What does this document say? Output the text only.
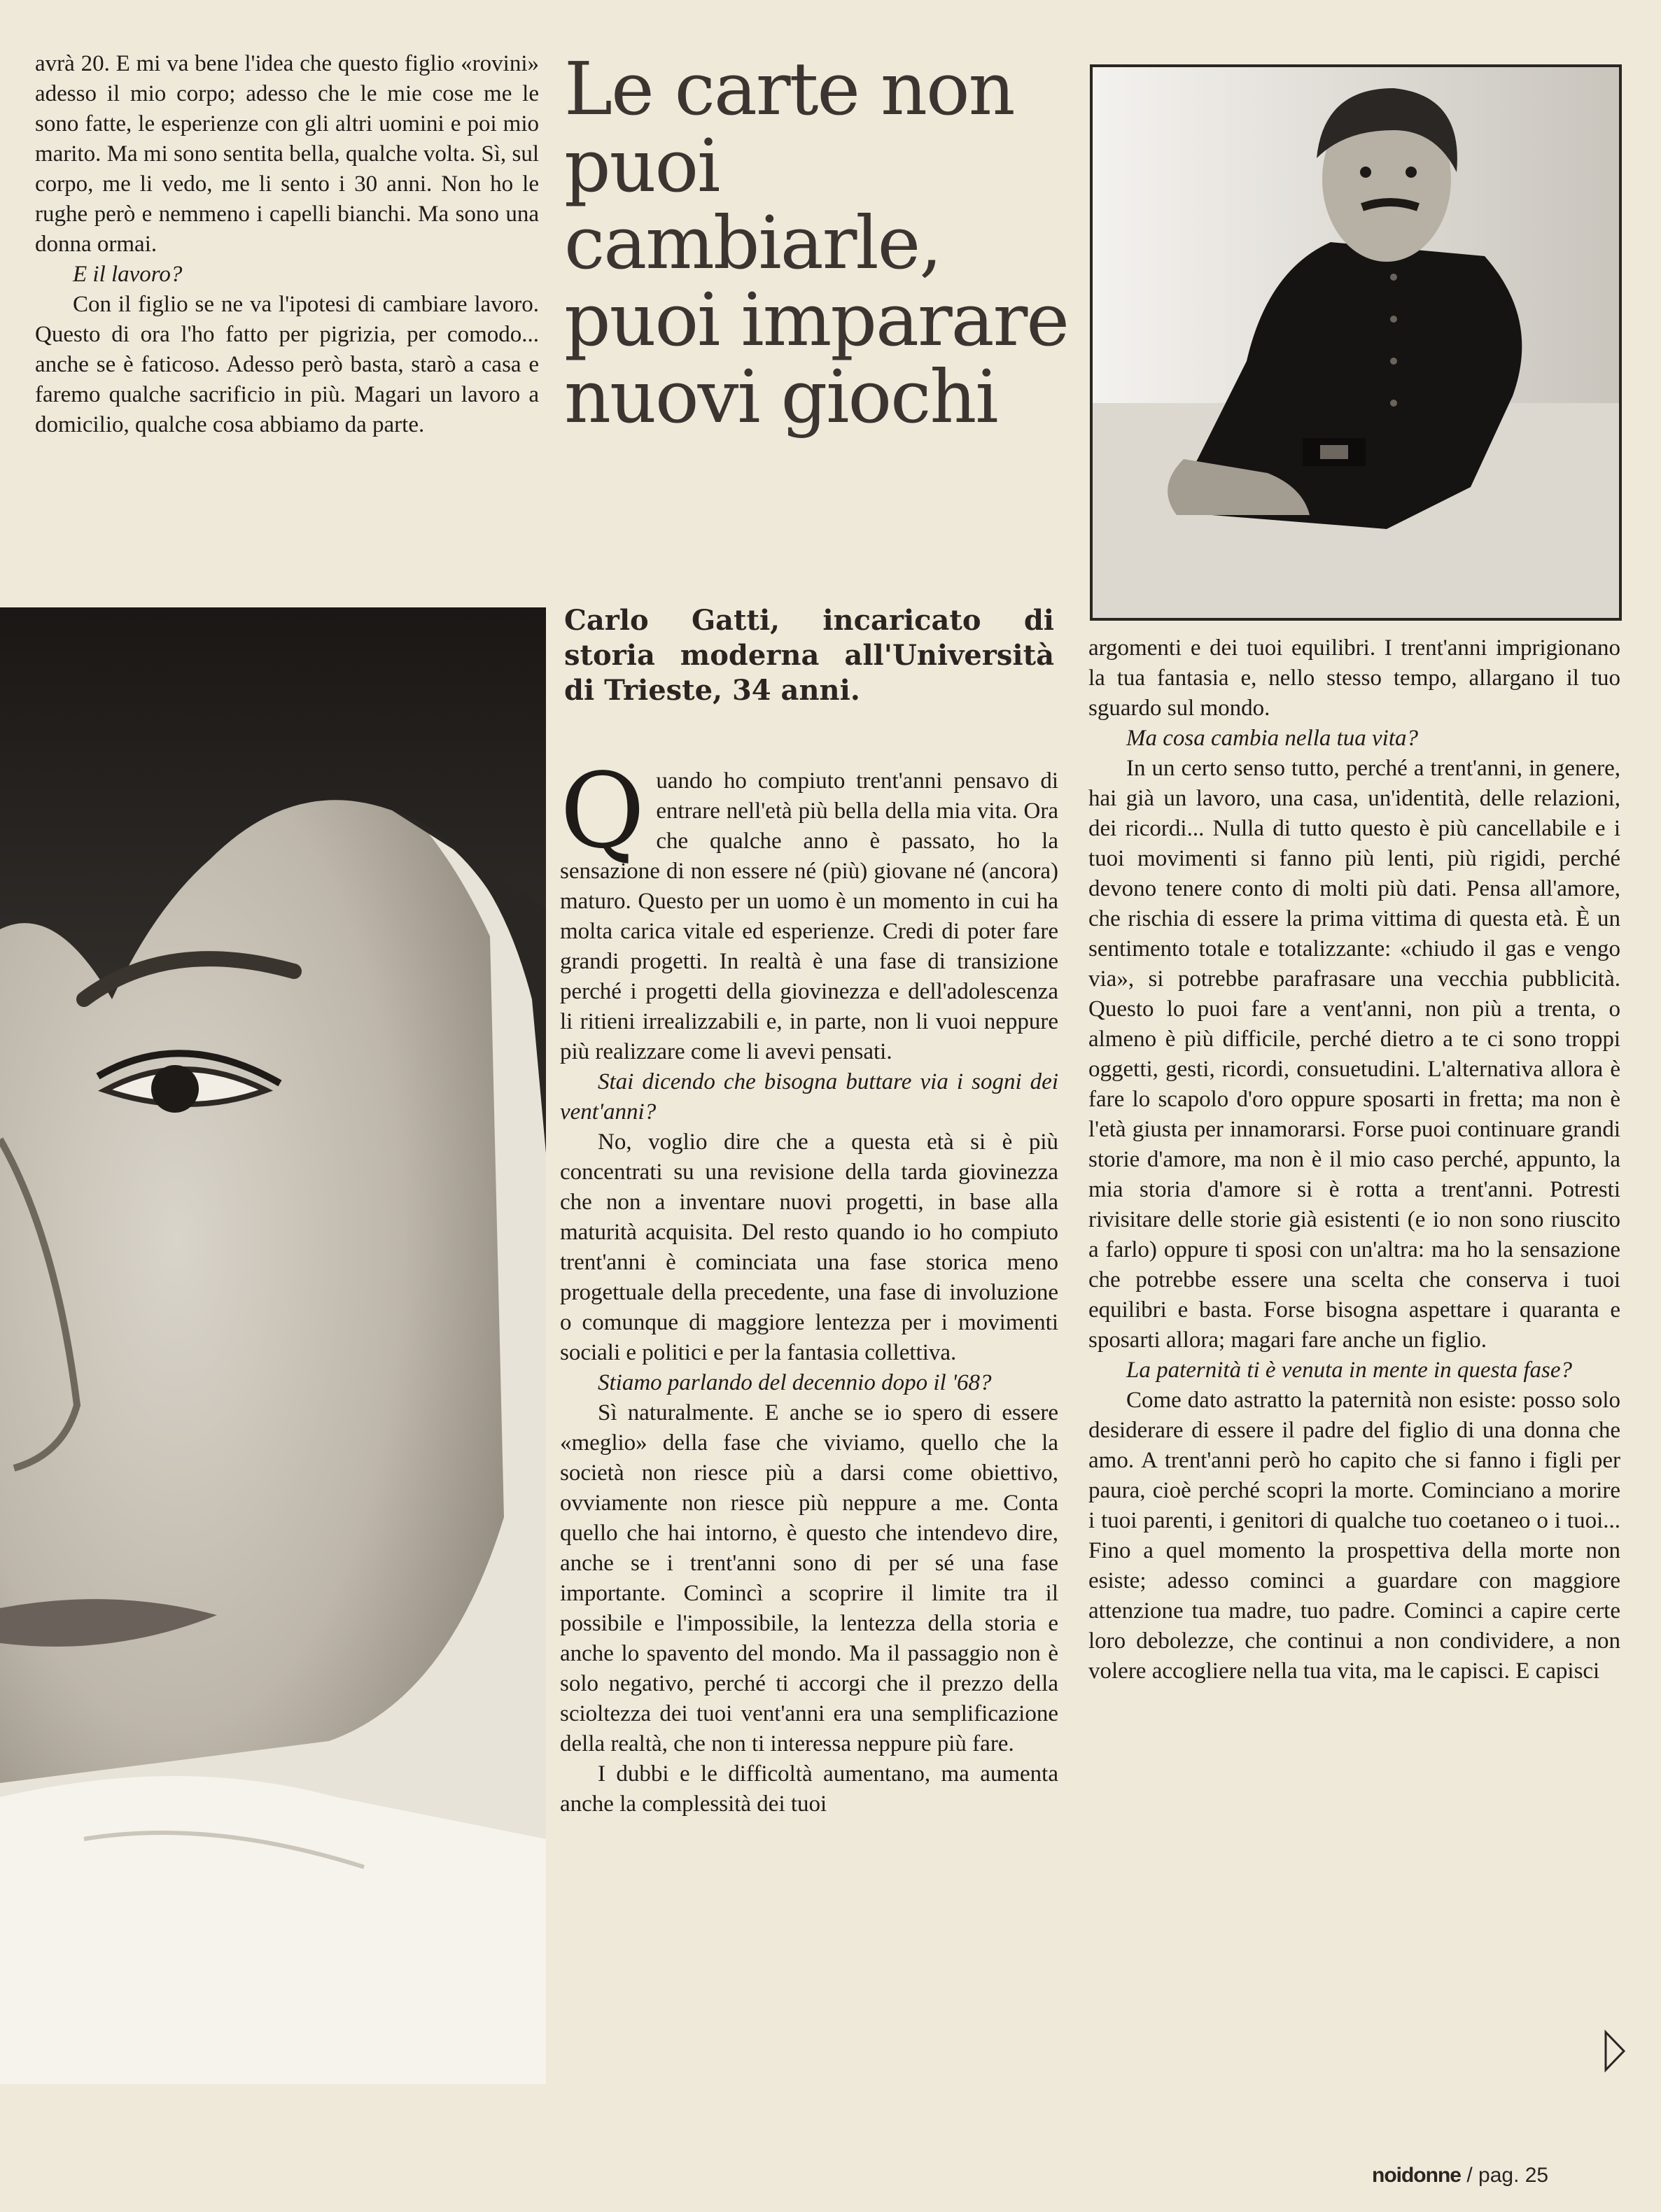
avrà 20. E mi va bene l'idea che questo figlio «rovini» adesso il mio corpo; adesso che le mie cose me le sono fatte, le esperienze con gli altri uomini e poi mio marito. Ma mi sono sentita bella, qualche volta. Sì, sul corpo, me li vedo, me li sento i 30 anni. Non ho le rughe però e nemmeno i capelli bianchi. Ma sono una donna ormai.

E il lavoro?

Con il figlio se ne va l'ipotesi di cambiare lavoro. Questo di ora l'ho fatto per pigrizia, per comodo... anche se è faticoso. Adesso però basta, starò a casa e faremo qualche sacrificio in più. Magari un lavoro a domicilio, qualche cosa abbiamo da parte.

Le carte non puoi cambiarle, puoi imparare nuovi giochi

Carlo Gatti, incaricato di storia moderna all'Università di Trieste, 34 anni.

Quando ho compiuto trent'anni pensavo di entrare nell'età più bella della mia vita. Ora che qualche anno è passato, ho la sensazione di non essere né (più) giovane né (ancora) maturo. Questo per un uomo è un momento in cui ha molta carica vitale ed esperienze. Credi di poter fare grandi progetti. In realtà è una fase di transizione perché i progetti della giovinezza e dell'adolescenza li ritieni irrealizzabili e, in parte, non li vuoi neppure più realizzare come li avevi pensati.

Stai dicendo che bisogna buttare via i sogni dei vent'anni?

No, voglio dire che a questa età si è più concentrati su una revisione della tarda giovinezza che non a inventare nuovi progetti, in base alla maturità acquisita. Del resto quando io ho compiuto trent'anni è cominciata una fase storica meno progettuale della precedente, una fase di involuzione o comunque di maggiore lentezza per i movimenti sociali e politici e per la fantasia collettiva.

Stiamo parlando del decennio dopo il '68?

Sì naturalmente. E anche se io spero di essere «meglio» della fase che viviamo, quello che la società non riesce più a darsi come obiettivo, ovviamente non riesce più neppure a me. Conta quello che hai intorno, è questo che intendevo dire, anche se i trent'anni sono di per sé una fase importante. Comincì a scoprire il limite tra il possibile e l'impossibile, la lentezza della storia e anche lo spavento del mondo. Ma il passaggio non è solo negativo, perché ti accorgi che il prezzo della scioltezza dei tuoi vent'anni era una semplificazione della realtà, che non ti interessa neppure più fare.

I dubbi e le difficoltà aumentano, ma aumenta anche la complessità dei tuoi

argomenti e dei tuoi equilibri. I trent'anni imprigionano la tua fantasia e, nello stesso tempo, allargano il tuo sguardo sul mondo.

Ma cosa cambia nella tua vita?

In un certo senso tutto, perché a trent'anni, in genere, hai già un lavoro, una casa, un'identità, delle relazioni, dei ricordi... Nulla di tutto questo è più cancellabile e i tuoi movimenti si fanno più lenti, più rigidi, perché devono tenere conto di molti più dati. Pensa all'amore, che rischia di essere la prima vittima di questa età. È un sentimento totale e totalizzante: «chiudo il gas e vengo via», si potrebbe parafrasare una vecchia pubblicità. Questo lo puoi fare a vent'anni, non più a trenta, o almeno è più difficile, perché dietro a te ci sono troppi oggetti, gesti, ricordi, consuetudini. L'alternativa allora è fare lo scapolo d'oro oppure sposarti in fretta; ma non è l'età giusta per innamorarsi. Forse puoi continuare grandi storie d'amore, ma non è il mio caso perché, appunto, la mia storia d'amore si è rotta a trent'anni. Potresti rivisitare delle storie già esistenti (e io non sono riuscito a farlo) oppure ti sposi con un'altra: ma ho la sensazione che potrebbe essere una scelta che conserva i tuoi equilibri e basta. Forse bisogna aspettare i quaranta e sposarti allora; magari fare anche un figlio.

La paternità ti è venuta in mente in questa fase?

Come dato astratto la paternità non esiste: posso solo desiderare di essere il padre del figlio di una donna che amo. A trent'anni però ho capito che si fanno i figli per paura, cioè perché scopri la morte. Cominciano a morire i tuoi parenti, i genitori di qualche tuo coetaneo o i tuoi... Fino a quel momento la prospettiva della morte non esiste; adesso cominci a guardare con maggiore attenzione tua madre, tuo padre. Cominci a capire certe loro debolezze, che continui a non condividere, a non volere accogliere nella tua vita, ma le capisci. E capisci

noidonne / pag. 25
